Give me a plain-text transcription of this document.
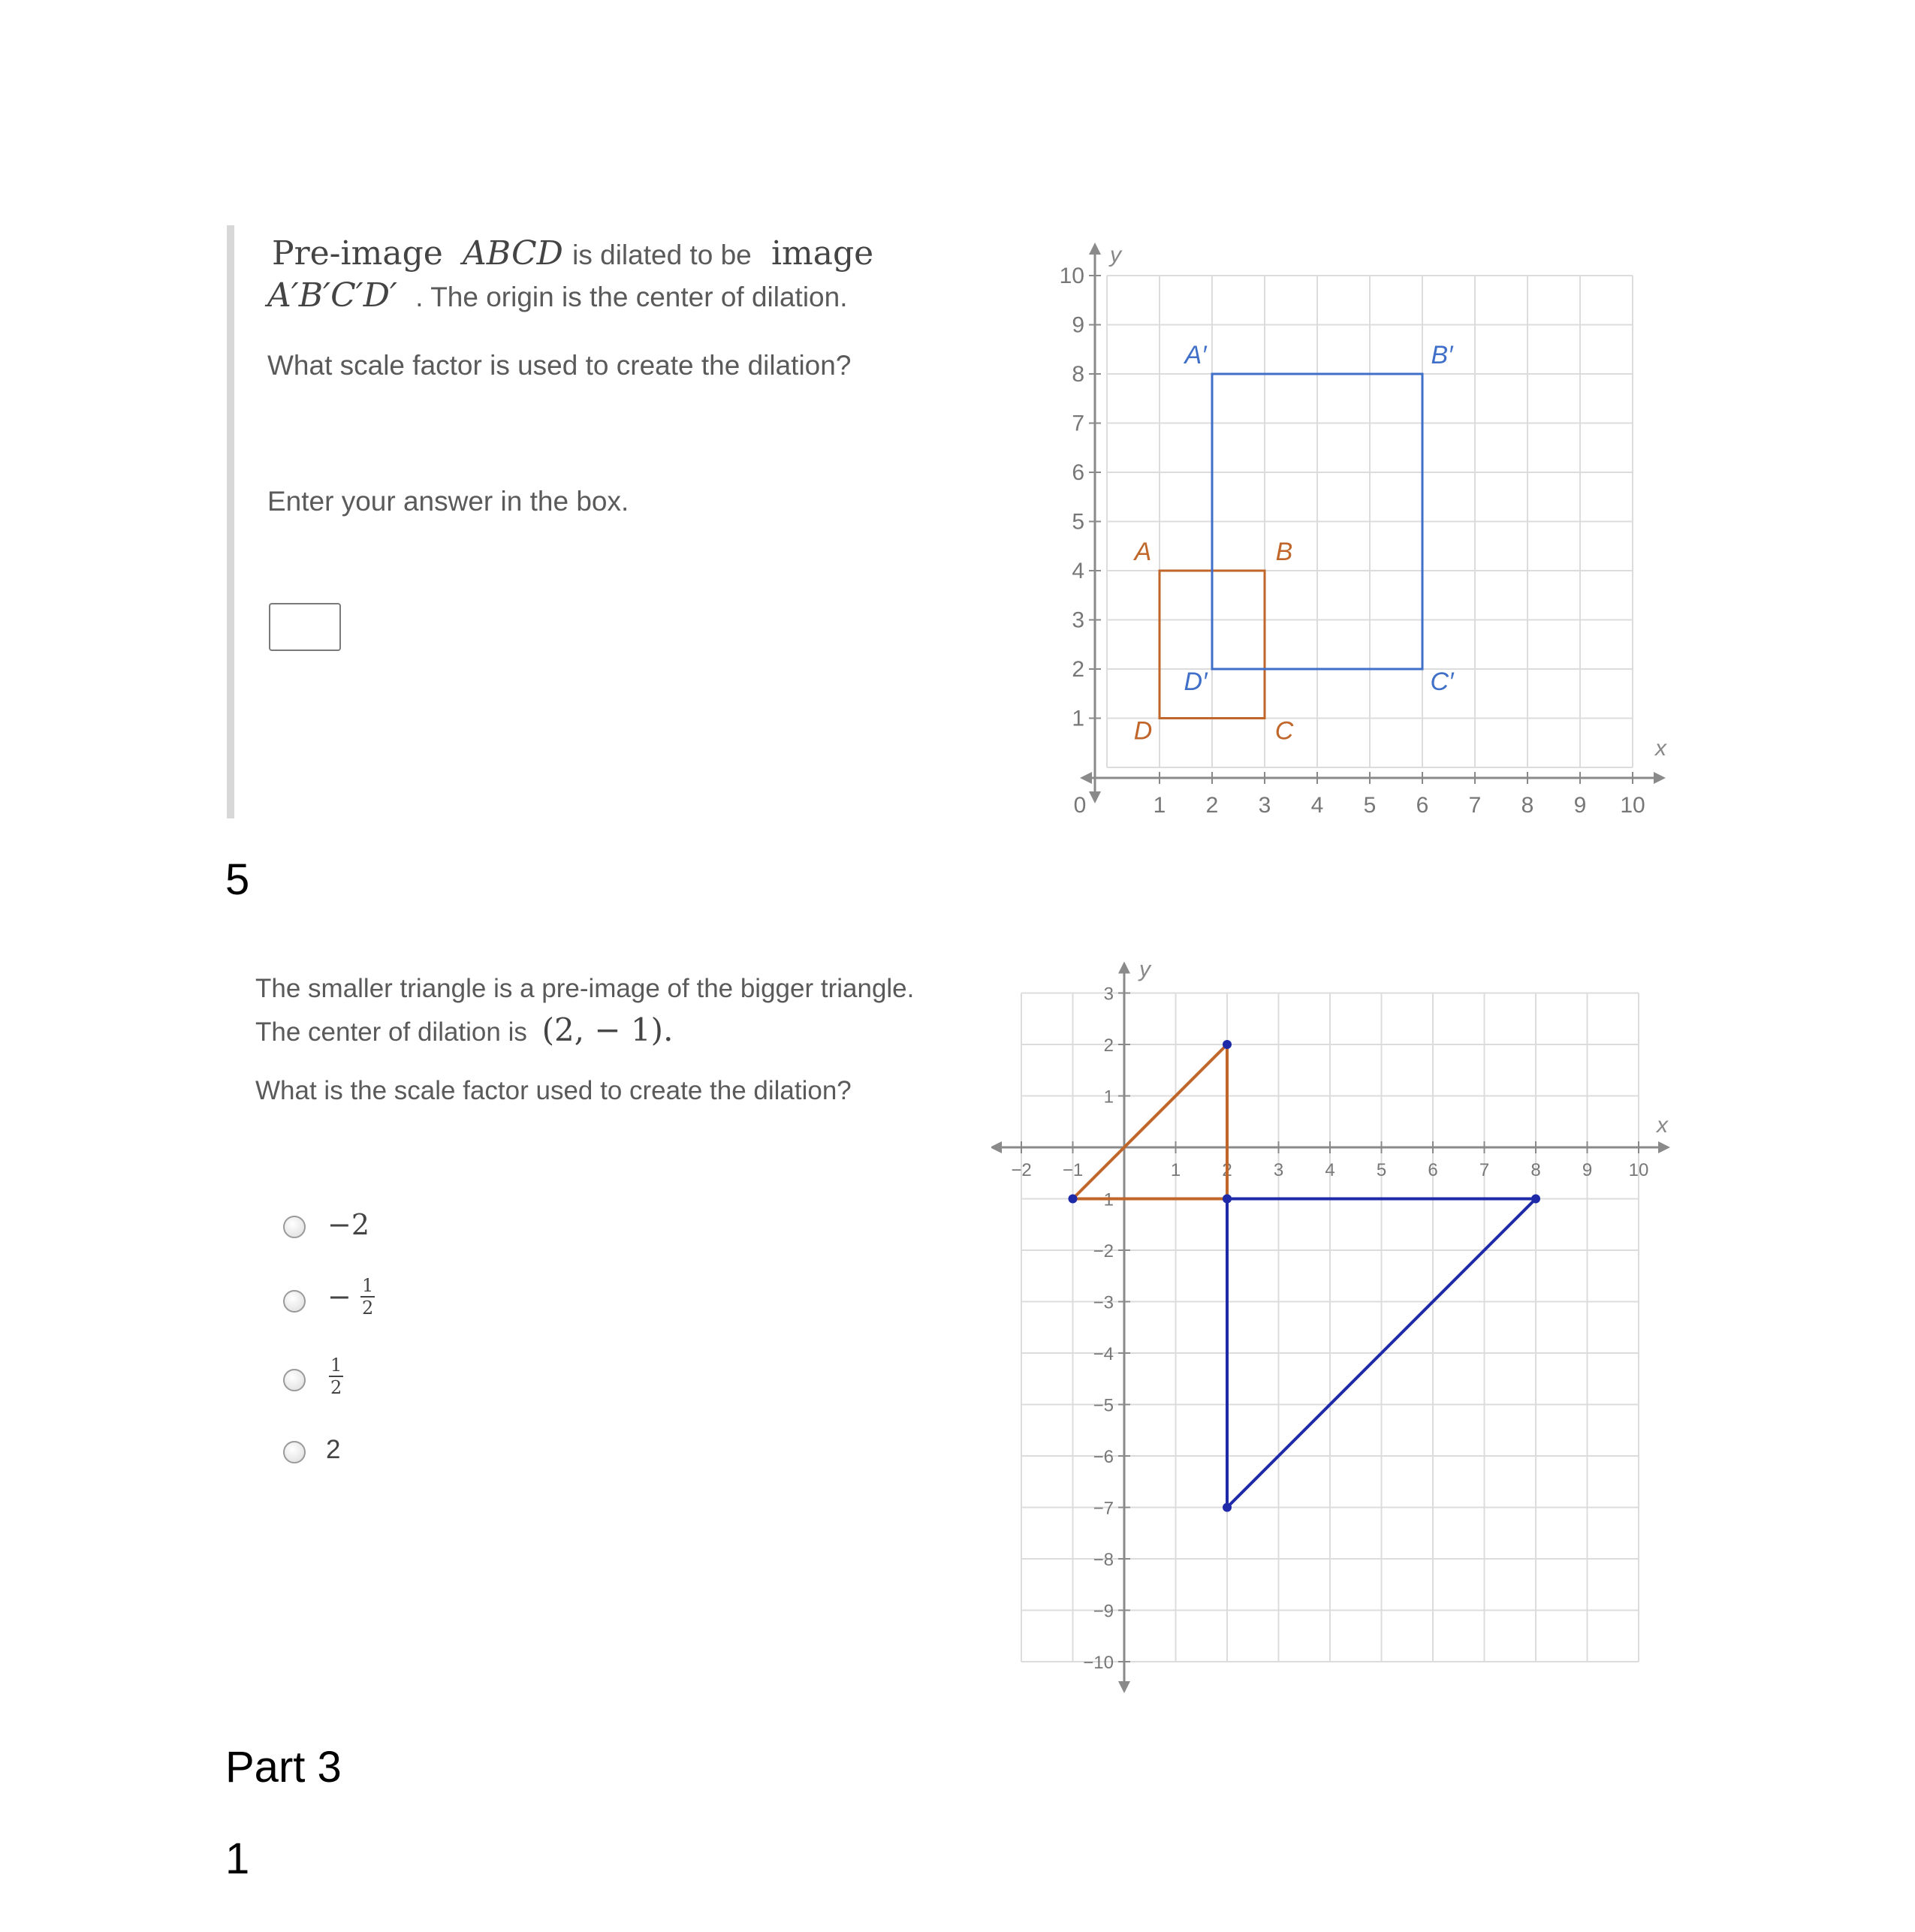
Pre-image ABCD is dilated to be image
A′B′C′D′ . The origin is the center of dilation.
What scale factor is used to create the dilation?
Enter your answer in the box.
x
y
0	1 2 3 4 5 6 7 8 9 10
1
2
3
4
5
6
7
8
9
10
A	B
C
D
A′	B′
C′
D′
5
The smaller triangle is a pre-image of the bigger triangle.
The center of dilation is (2, − 1).
What is the scale factor used to create the dilation?
−2
− $\frac{1}{2}$
$\frac{1}{2}$
2
x
y
−2 −1	1 2 3 4 5 6 7 8 9 10
3
2
1
−1
−2
−3
−4
−5
−6
−7
−8
−9
−10
Part 3
1
